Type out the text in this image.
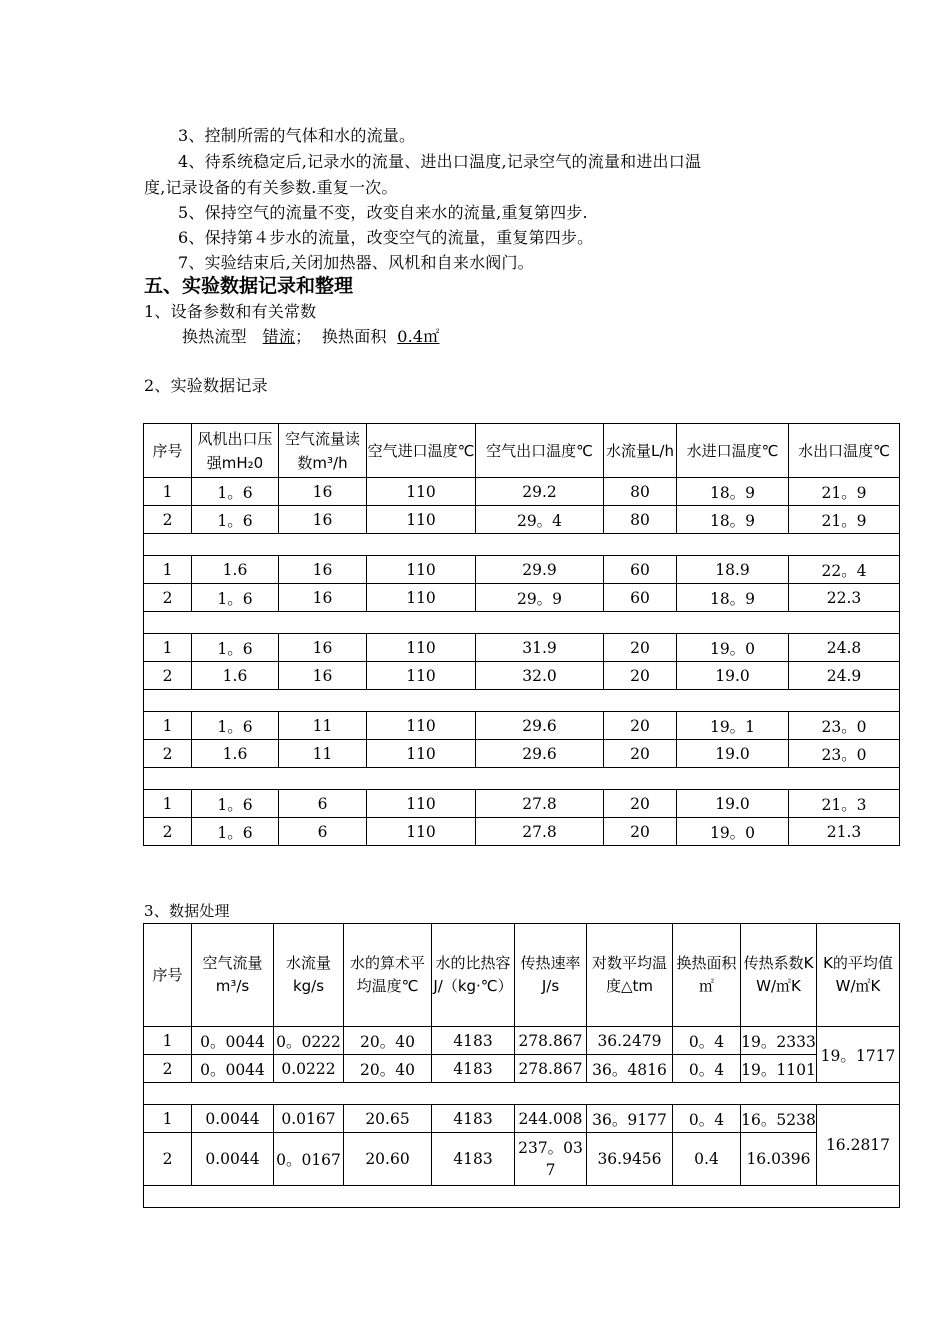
3、控制所需的气体和水的流量。
4、待系统稳定后,记录水的流量、进出口温度,记录空气的流量和进出口温
度,记录设备的有关参数.重复一次。
5、保持空气的流量不变，改变自来水的流量,重复第四步.
6、保持第４步水的流量，改变空气的流量，重复第四步。
7、实验结束后,关闭加热器、风机和自来水阀门。
五、实验数据记录和整理
1、设备参数和有关常数
换热流型 错流； 换热面积 0.4㎡
2、实验数据记录
序号	风机出口压强mH₂0	空气流量读数m³/h	空气进口温度℃	空气出口温度℃	水流量L/h	水进口温度℃	水出口温度℃
1	1。6	16	110	29.2	80	18。9	21。9
2	1。6	16	110	29。4	80	18。9	21。9

1	1.6	16	110	29.9	60	18.9	22。4
2	1。6	16	110	29。9	60	18。9	22.3

1	1。6	16	110	31.9	20	19。0	24.8
2	1.6	16	110	32.0	20	19.0	24.9

1	1。6	11	110	29.6	20	19。1	23。0
2	1.6	11	110	29.6	20	19.0	23。0

1	1。6	6	110	27.8	20	19.0	21。3
2	1。6	6	110	27.8	20	19。0	21.3
3、数据处理
序号	空气流量m³/s	水流量kg/s	水的算术平均温度℃	水的比热容J/（kg·℃）	传热速率J/s	对数平均温度△tm	换热面积㎡	传热系数K W/㎡K	K的平均值W/㎡K
1	0。0044	0。0222	20。40	4183	278.867	36.2479	0。4	19。2333	19。1717
2	0。0044	0.0222	20。40	4183	278.867	36。4816	0。4	19。1101	

1	0.0044	0.0167	20.65	4183	244.008	36。9177	0。4	16。5238	16.2817
2	0.0044	0。0167	20.60	4183	237。037	36.9456	0.4	16.0396	
